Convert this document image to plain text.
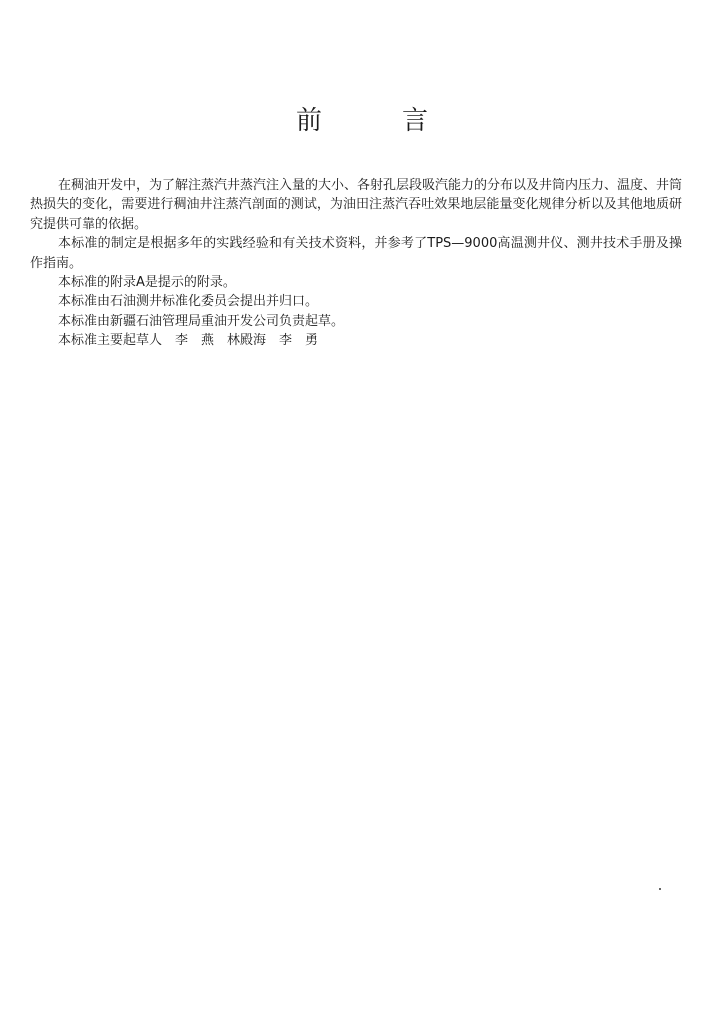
前	言

在稠油开发中，为了解注蒸汽井蒸汽注入量的大小、各射孔层段吸汽能力的分布以及井筒内压力、温度、井筒热损失的变化，需要进行稠油井注蒸汽剖面的测试，为油田注蒸汽吞吐效果地层能量变化规律分析以及其他地质研究提供可靠的依据。

本标准的制定是根据多年的实践经验和有关技术资料，并参考了TPS—9000高温测井仪、测井技术手册及操作指南。

本标准的附录A是提示的附录。

本标准由石油测井标准化委员会提出并归口。

本标准由新疆石油管理局重油开发公司负责起草。

本标准主要起草人　李　燕　林殿海　李　勇
